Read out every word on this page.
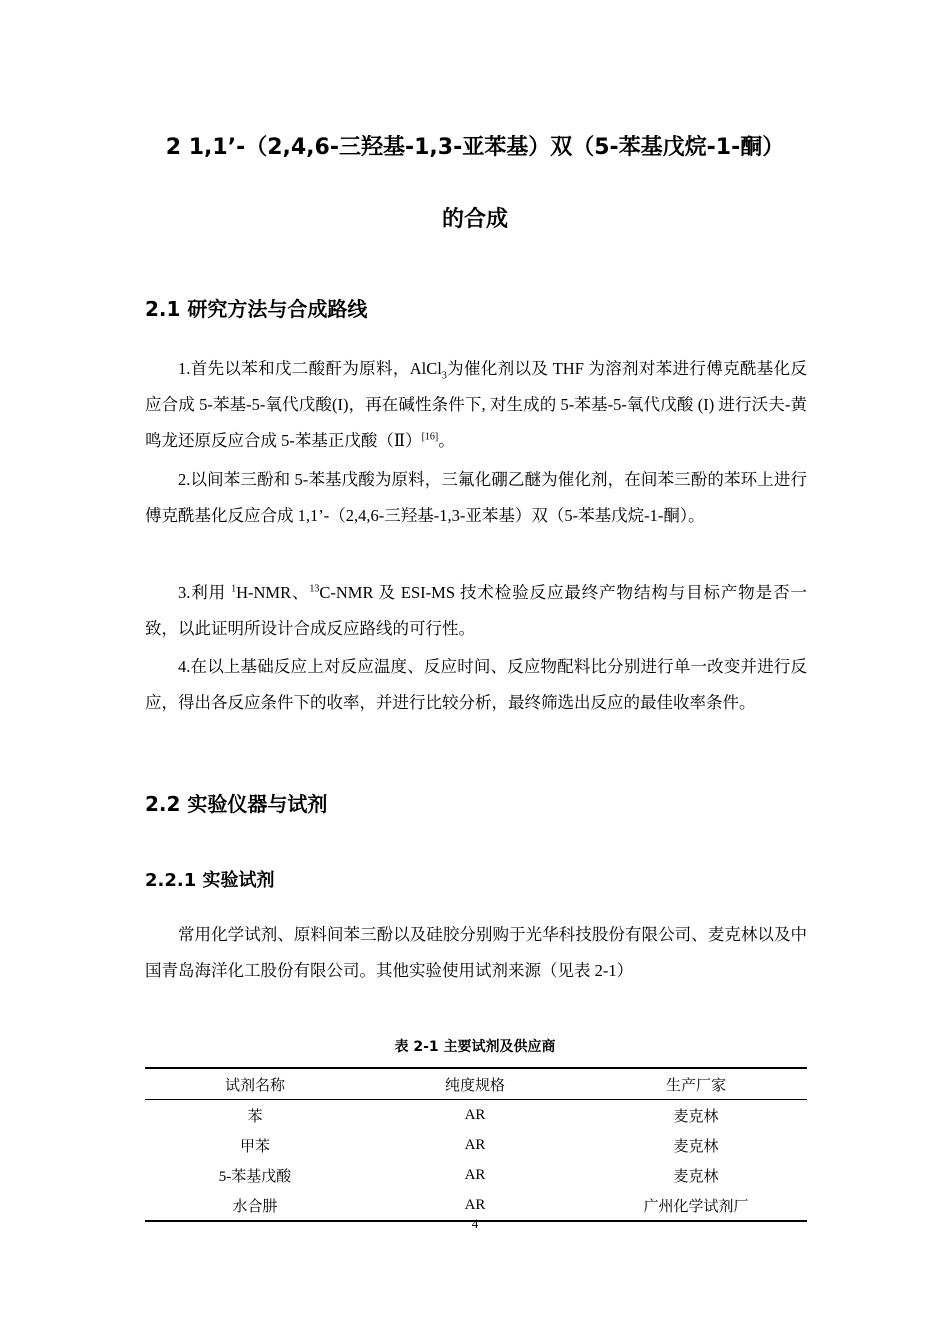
2 1,1’-（2,4,6-三羟基-1,3-亚苯基）双（5-苯基戊烷-1-酮）
的合成
2.1 研究方法与合成路线
1.首先以苯和戊二酸酐为原料，AlCl$_3$为催化剂以及 THF 为溶剂对苯进行傅克酰基化反应合成 5-苯基-5-氧代戊酸(I)，再在碱性条件下, 对生成的 5-苯基-5-氧代戊酸 (I) 进行沃夫-黄鸣龙还原反应合成 5-苯基正戊酸（Ⅱ）[16]。
2.以间苯三酚和 5-苯基戊酸为原料，三氟化硼乙醚为催化剂，在间苯三酚的苯环上进行傅克酰基化反应合成 1,1’-（2,4,6-三羟基-1,3-亚苯基）双（5-苯基戊烷-1-酮）。
3.利用 $^1$H-NMR、$^{13}$C-NMR 及 ESI-MS 技术检验反应最终产物结构与目标产物是否一致，以此证明所设计合成反应路线的可行性。
4.在以上基础反应上对反应温度、反应时间、反应物配料比分别进行单一改变并进行反应，得出各反应条件下的收率，并进行比较分析，最终筛选出反应的最佳收率条件。
2.2 实验仪器与试剂
2.2.1 实验试剂
常用化学试剂、原料间苯三酚以及硅胶分别购于光华科技股份有限公司、麦克林以及中国青岛海洋化工股份有限公司。其他实验使用试剂来源（见表 2-1）
表 2-1 主要试剂及供应商
试剂名称	纯度规格	生产厂家
苯	AR	麦克林
甲苯	AR	麦克林
5-苯基戊酸	AR	麦克林
水合肼	AR	广州化学试剂厂
4
